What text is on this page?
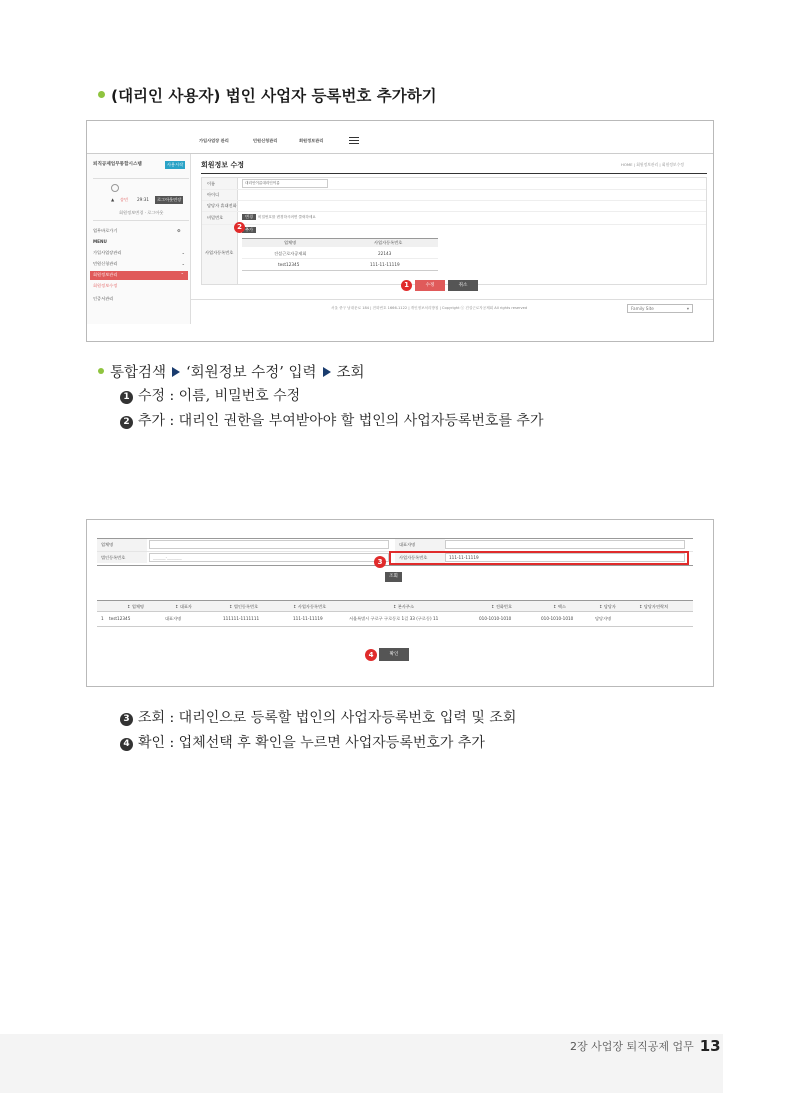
(대리인 사용자) 법인 사업자 등록번호 추가하기
가입사업장 관리	민원신청관리	회원정보관리
퇴직공제업무통합시스템	사용시작
▲ 송민 29:31	로그아웃연장
회원정보변경 · 로그아웃
업무바로가기	⚙
MENU
가입사업장관리	⌄
민원신청관리	⌄
회원정보관리	⌃
회원정보수정
인증서관리
회원정보 수정	HOME | 회원정보관리 | 회원정보수정
이름	대리인이름대리인이름
아이디
담당자 휴대전화
비밀번호	변경	비밀번호를 변경하시려면 클릭하세요
추가
사업자등록번호
업체명	사업자등록번호
건설근로자공제회	22143
test12345	111-11-11119
수정	취소
서울 중구 남대문로 184 | 전화번호 1666-1122 | 개인정보처리방침 | Copyright ⓒ 건설근로자공제회 All rights reserved	Family Site	▾
2
1
통합검색 ‘회원정보 수정’ 입력 조회
1 수정 : 이름, 비밀번호 수정
2 추가 : 대리인 권한을 부여받아야 할 법인의 사업자등록번호를 추가
업체명
법인등록번호	______-_______
대표자명
사업자등록번호	111-11-11119
조회
↕ 업체명	↕ 대표자	↕ 법인등록번호	↕ 사업자등록번호	↕ 본사주소	↕ 전화번호	↕ 팩스	↕ 담당자	↕ 담당자연락처
1 test12345	대표자명	111111-1111111	111-11-11119	서울특별시 구로구 구로동로 1길 33 (구로동) 11	010-1010-1010	010-1010-1010	담당자명
확인
3
4
3 조회 : 대리인으로 등록할 법인의 사업자등록번호 입력 및 조회
4 확인 : 업체선택 후 확인을 누르면 사업자등록번호가 추가
2장 사업장 퇴직공제 업무 13
